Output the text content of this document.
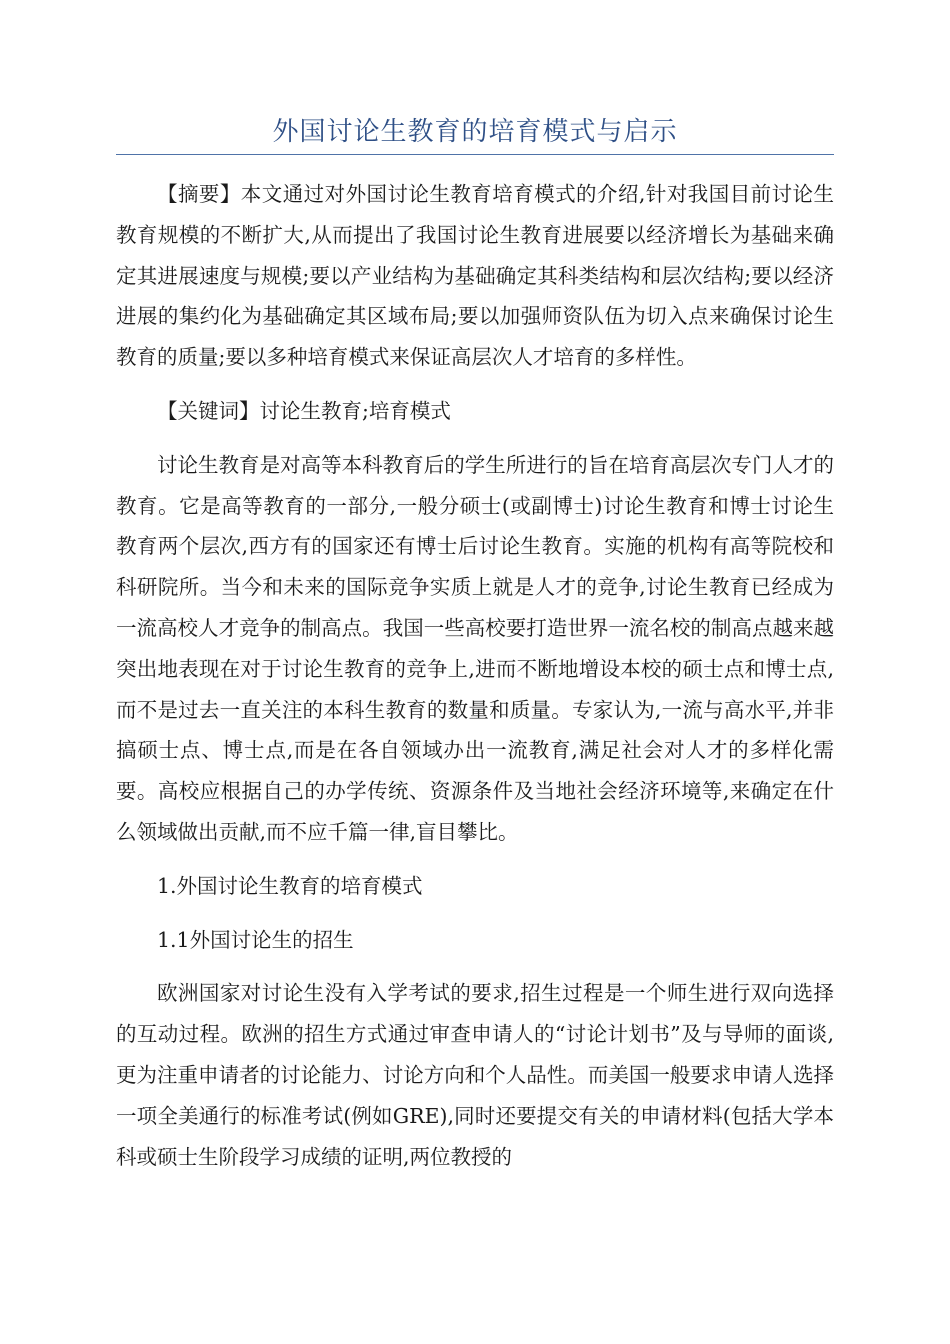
外国讨论生教育的培育模式与启示

【摘要】本文通过对外国讨论生教育培育模式的介绍,针对我国目前讨论生教育规模的不断扩大,从而提出了我国讨论生教育进展要以经济增长为基础来确定其进展速度与规模;要以产业结构为基础确定其科类结构和层次结构;要以经济进展的集约化为基础确定其区域布局;要以加强师资队伍为切入点来确保讨论生教育的质量;要以多种培育模式来保证高层次人才培育的多样性。

【关键词】讨论生教育;培育模式

讨论生教育是对高等本科教育后的学生所进行的旨在培育高层次专门人才的教育。它是高等教育的一部分,一般分硕士(或副博士)讨论生教育和博士讨论生教育两个层次,西方有的国家还有博士后讨论生教育。实施的机构有高等院校和科研院所。当今和未来的国际竞争实质上就是人才的竞争,讨论生教育已经成为一流高校人才竞争的制高点。我国一些高校要打造世界一流名校的制高点越来越突出地表现在对于讨论生教育的竞争上,进而不断地增设本校的硕士点和博士点,而不是过去一直关注的本科生教育的数量和质量。专家认为,一流与高水平,并非搞硕士点、博士点,而是在各自领域办出一流教育,满足社会对人才的多样化需要。高校应根据自己的办学传统、资源条件及当地社会经济环境等,来确定在什么领域做出贡献,而不应千篇一律,盲目攀比。

1.外国讨论生教育的培育模式

1.1外国讨论生的招生

欧洲国家对讨论生没有入学考试的要求,招生过程是一个师生进行双向选择的互动过程。欧洲的招生方式通过审查申请人的“讨论计划书”及与导师的面谈,更为注重申请者的讨论能力、讨论方向和个人品性。而美国一般要求申请人选择一项全美通行的标准考试(例如GRE),同时还要提交有关的申请材料(包括大学本科或硕士生阶段学习成绩的证明,两位教授的
